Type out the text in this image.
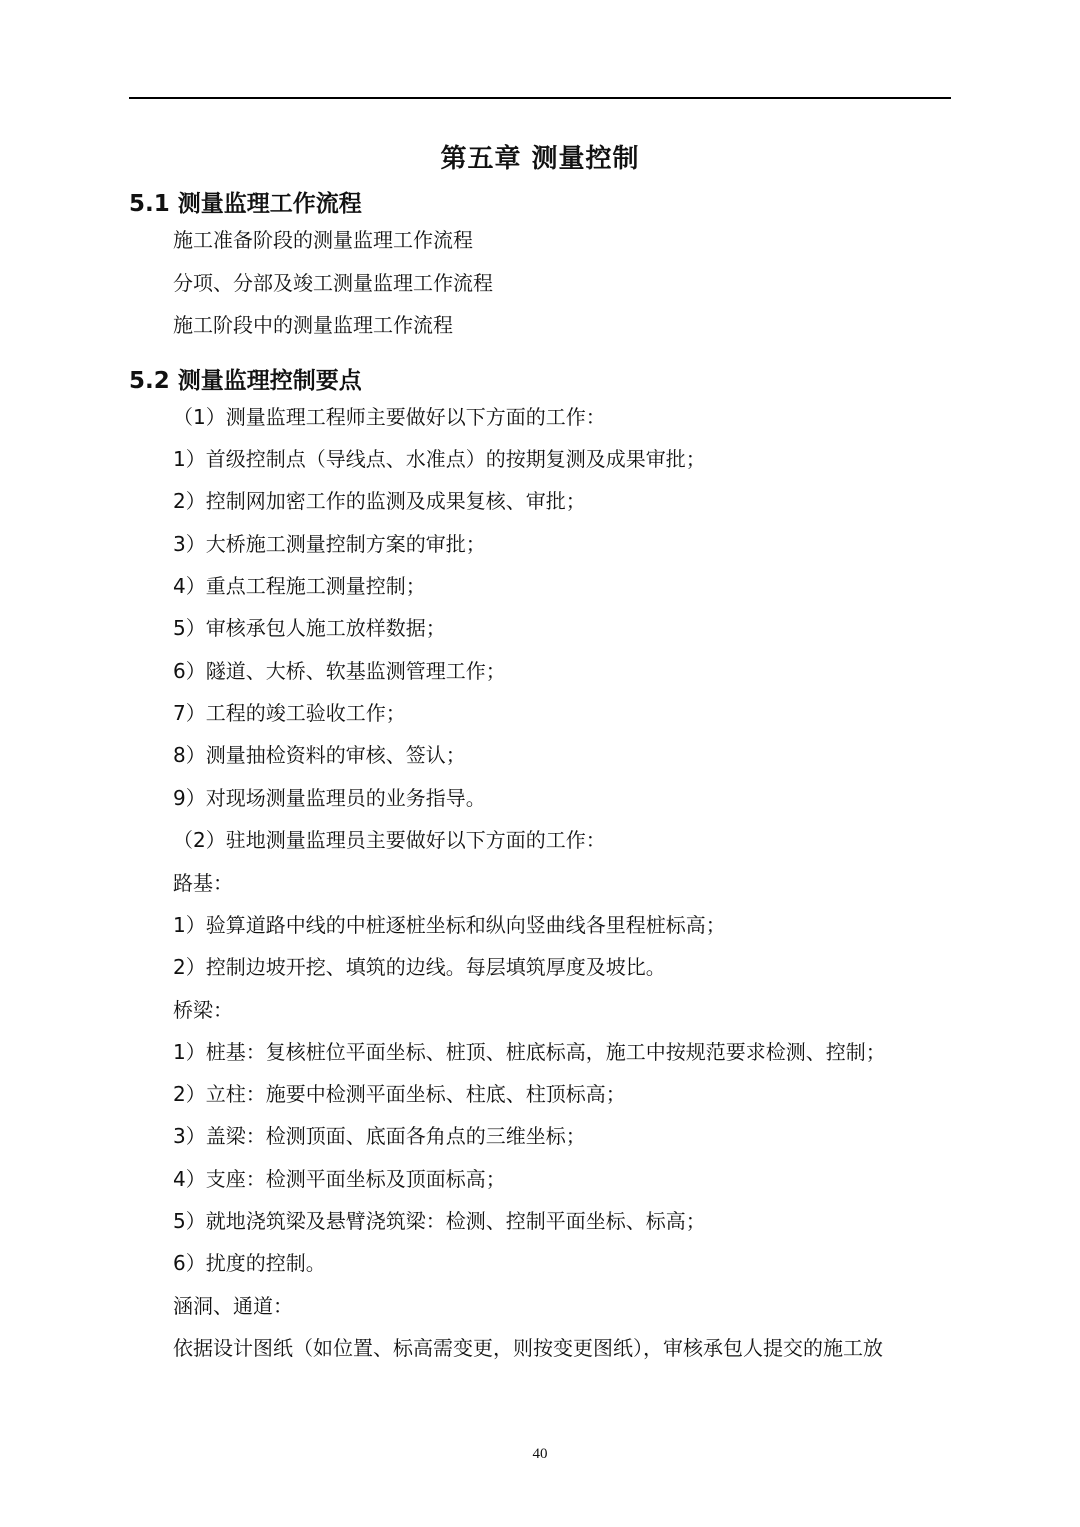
第五章 测量控制
5.1 测量监理工作流程
施工准备阶段的测量监理工作流程
分项、分部及竣工测量监理工作流程
施工阶段中的测量监理工作流程
5.2 测量监理控制要点
（1）测量监理工程师主要做好以下方面的工作：
1）首级控制点（导线点、水准点）的按期复测及成果审批；
2）控制网加密工作的监测及成果复核、审批；
3）大桥施工测量控制方案的审批；
4）重点工程施工测量控制；
5）审核承包人施工放样数据；
6）隧道、大桥、软基监测管理工作；
7）工程的竣工验收工作；
8）测量抽检资料的审核、签认；
9）对现场测量监理员的业务指导。
（2）驻地测量监理员主要做好以下方面的工作：
路基：
1）验算道路中线的中桩逐桩坐标和纵向竖曲线各里程桩标高；
2）控制边坡开挖、填筑的边线。每层填筑厚度及坡比。
桥梁：
1）桩基：复核桩位平面坐标、桩顶、桩底标高，施工中按规范要求检测、控制；
2）立柱：施要中检测平面坐标、柱底、柱顶标高；
3）盖梁：检测顶面、底面各角点的三维坐标；
4）支座：检测平面坐标及顶面标高；
5）就地浇筑梁及悬臂浇筑梁：检测、控制平面坐标、标高；
6）扰度的控制。
涵洞、通道：
依据设计图纸（如位置、标高需变更，则按变更图纸），审核承包人提交的施工放
40
